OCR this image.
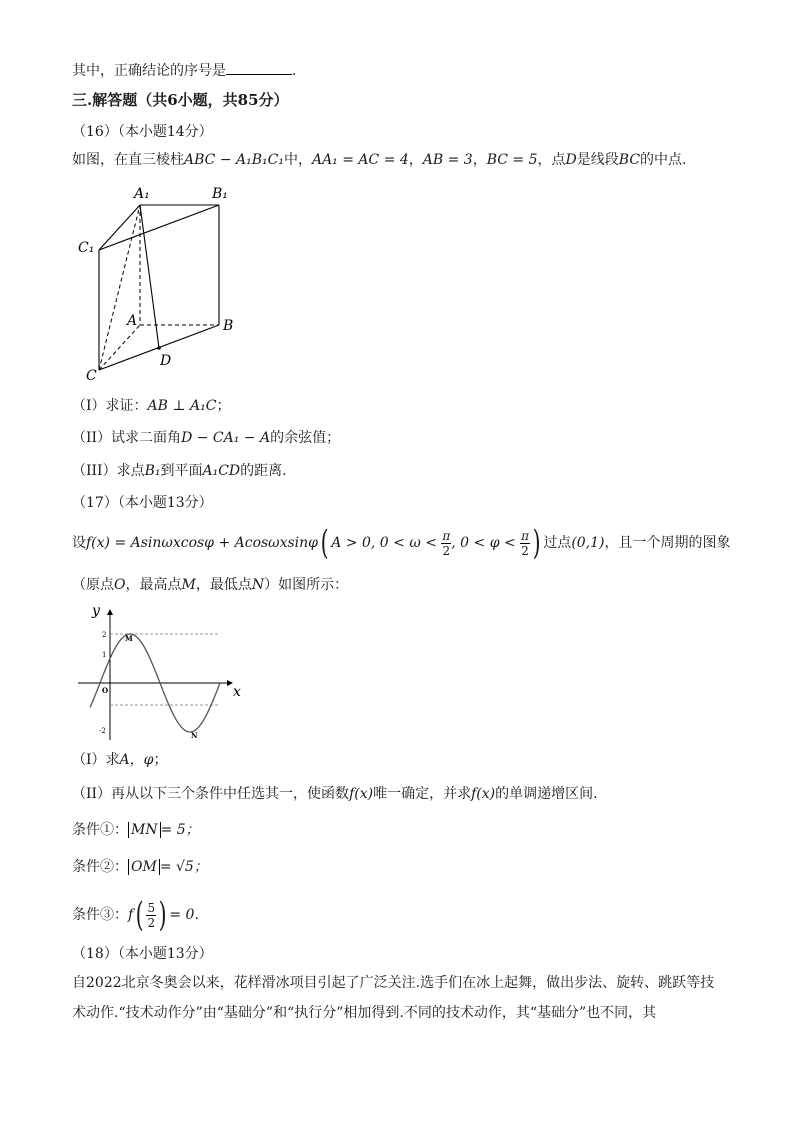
其中，正确结论的序号是	.
三.解答题（共6小题，共85分）
（16）（本小题14分）
如图，在直三棱柱ABC − A₁B₁C₁中，AA₁ = AC = 4，AB = 3，BC = 5，点D是线段BC的中点.
A₁	B₁
C₁
A	B
C
D
（I）求证：AB ⊥ A₁C；
（II）试求二面角D − CA₁ − A的余弦值；
（III）求点B₁到平面A₁CD的距离.
（17）（本小题13分）
设f(x) = Asinωxcosφ + Acosωxsinφ( A > 0, $0 < \omega < \frac{\pi}{2}$ , $0 < \varphi < \frac{\pi}{2}$ ) 过点(0,1)，且一个周期的图象
（原点O，最高点M，最低点N）如图所示：
y
x
O
M
N
2
1
-2
（I）求A，φ；
（II）再从以下三个条件中任选其一，使函数f(x)唯一确定，并求f(x)的单调递增区间.
条件①： MN = 5；
条件②： OM = √5；
条件③：$f( \frac{5}{2}$ ) = 0.
（18）（本小题13分）
自2022北京冬奥会以来，花样滑冰项目引起了广泛关注.选手们在冰上起舞，做出步法、旋转、跳跃等技术动作.“技术动作分”由“基础分”和“执行分”相加得到.不同的技术动作，其“基础分”也不同，其
